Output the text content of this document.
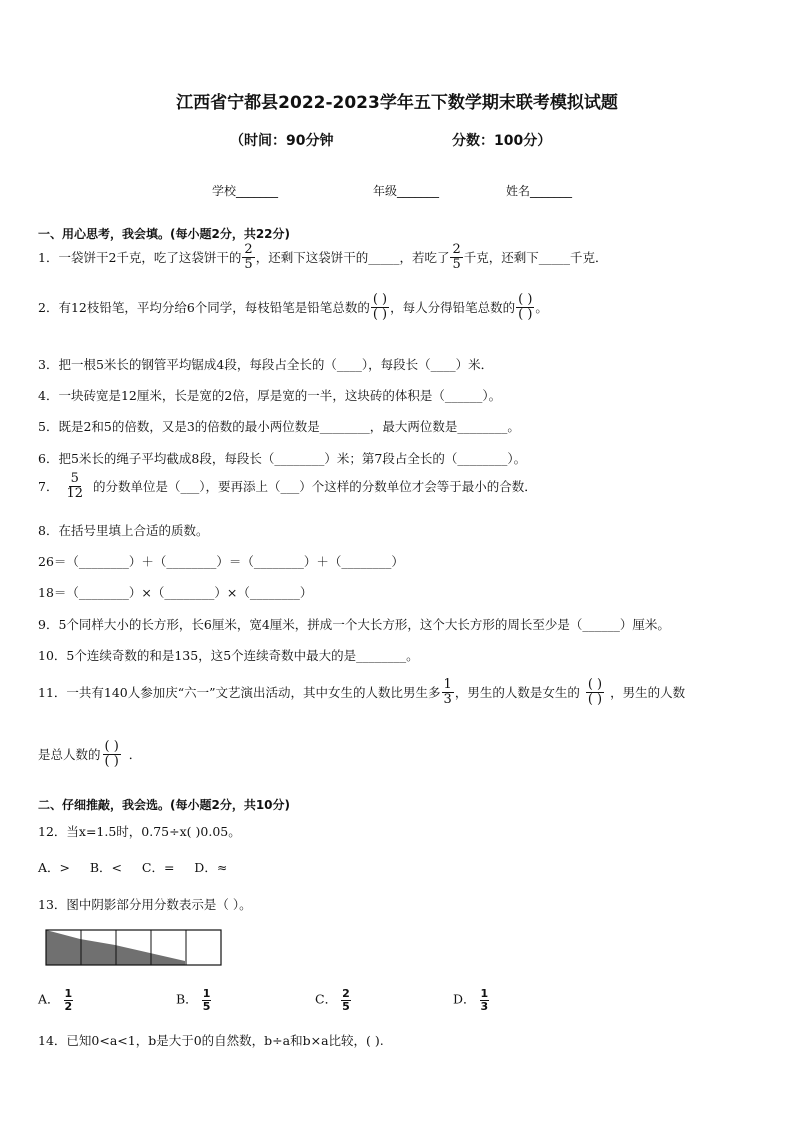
江西省宁都县2022-2023学年五下数学期末联考模拟试题
（时间：90分钟	分数：100分）
学校_______	年级_______	姓名_______
一、用心思考，我会填。(每小题2分，共22分)
1．一袋饼干2千克，吃了这袋饼干的 $\frac{2}{5}$ ，还剩下这袋饼干的_____，若吃了 $\frac{2}{5}$ 千克，还剩下_____千克．
2．有12枝铅笔，平均分给6个同学，每枝铅笔是铅笔总数的 $\frac{( )}{( )}$ ，每人分得铅笔总数的 $\frac{( )}{( )}$ 。
3．把一根5米长的钢管平均锯成4段，每段占全长的（____），每段长（____）米．
4．一块砖宽是12厘米，长是宽的2倍，厚是宽的一半，这块砖的体积是（______）。
5．既是2和5的倍数，又是3的倍数的最小两位数是________，最大两位数是________。
6．把5米长的绳子平均截成8段，每段长（________）米；第7段占全长的（________）。
7． $\frac{5}{12}$ 的分数单位是（___），要再添上（___）个这样的分数单位才会等于最小的合数．
8．在括号里填上合适的质数。
26＝（________）＋（________）＝（________）＋（________）
18＝（________）×（________）×（________）
9．5个同样大小的长方形，长6厘米，宽4厘米，拼成一个大长方形，这个大长方形的周长至少是（______）厘米。
10．5个连续奇数的和是135，这5个连续奇数中最大的是________。
11．一共有140人参加庆“六一”文艺演出活动，其中女生的人数比男生多 $\frac{1}{3}$ ，男生的人数是女生的 $\frac{( )}{( )}$ ，男生的人数
是总人数的 $\frac{( )}{( )}$ ．
二、仔细推敲，我会选。(每小题2分，共10分)
12．当x=1.5时，0.75÷x( )0.05。
A．>     B．<     C．=     D．≈
13．图中阴影部分用分数表示是（ ）。
A． $\frac{1}{2}$	B． $\frac{1}{5}$	C． $\frac{2}{5}$	D． $\frac{1}{3}$
14．已知0<a<1，b是大于0的自然数，b÷a和b×a比较，( ).
